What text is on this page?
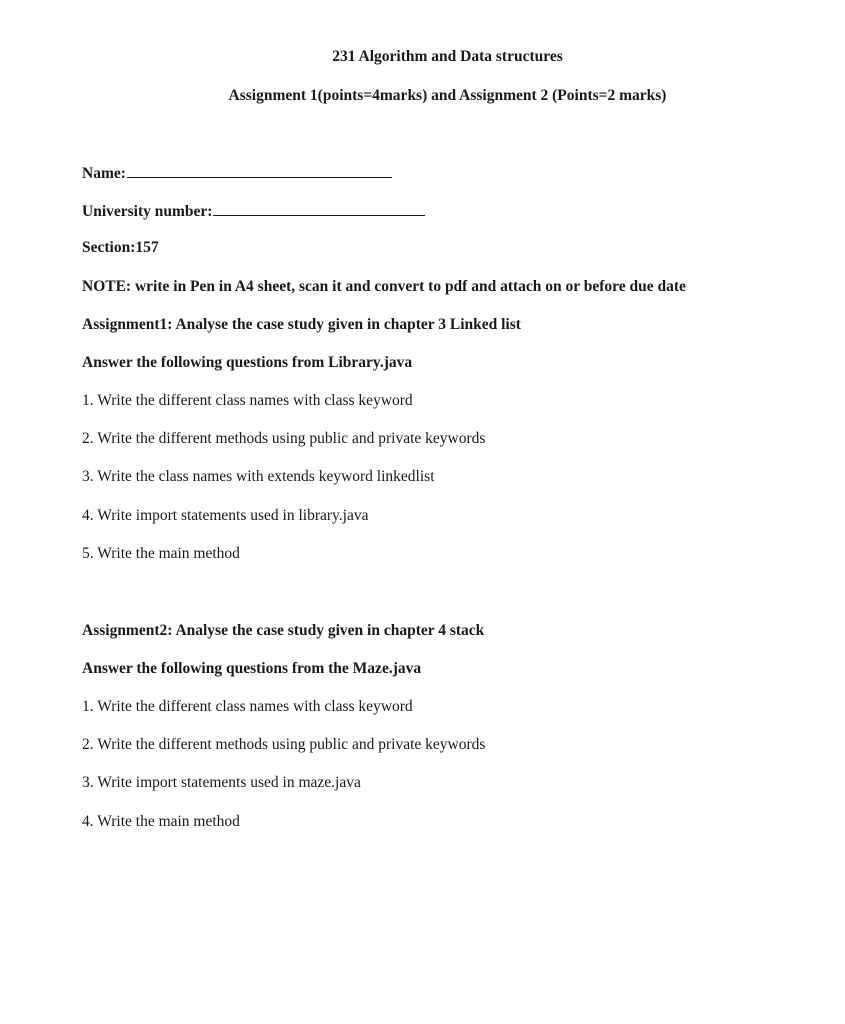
231 Algorithm and Data structures
Assignment 1(points=4marks) and Assignment 2 (Points=2 marks)
Name:
University number:
Section:157
NOTE: write in Pen in A4 sheet, scan it and convert to pdf and attach on or before due date
Assignment1: Analyse the case study given in chapter 3 Linked list
Answer the following questions from Library.java
1. Write the different class names with class keyword
2. Write the different methods using public and private keywords
3. Write the class names with extends keyword linkedlist
4. Write import statements used in library.java
5. Write the main method
Assignment2: Analyse the case study given in chapter 4 stack
Answer the following questions from the Maze.java
1. Write the different class names with class keyword
2. Write the different methods using public and private keywords
3. Write import statements used in maze.java
4. Write the main method
